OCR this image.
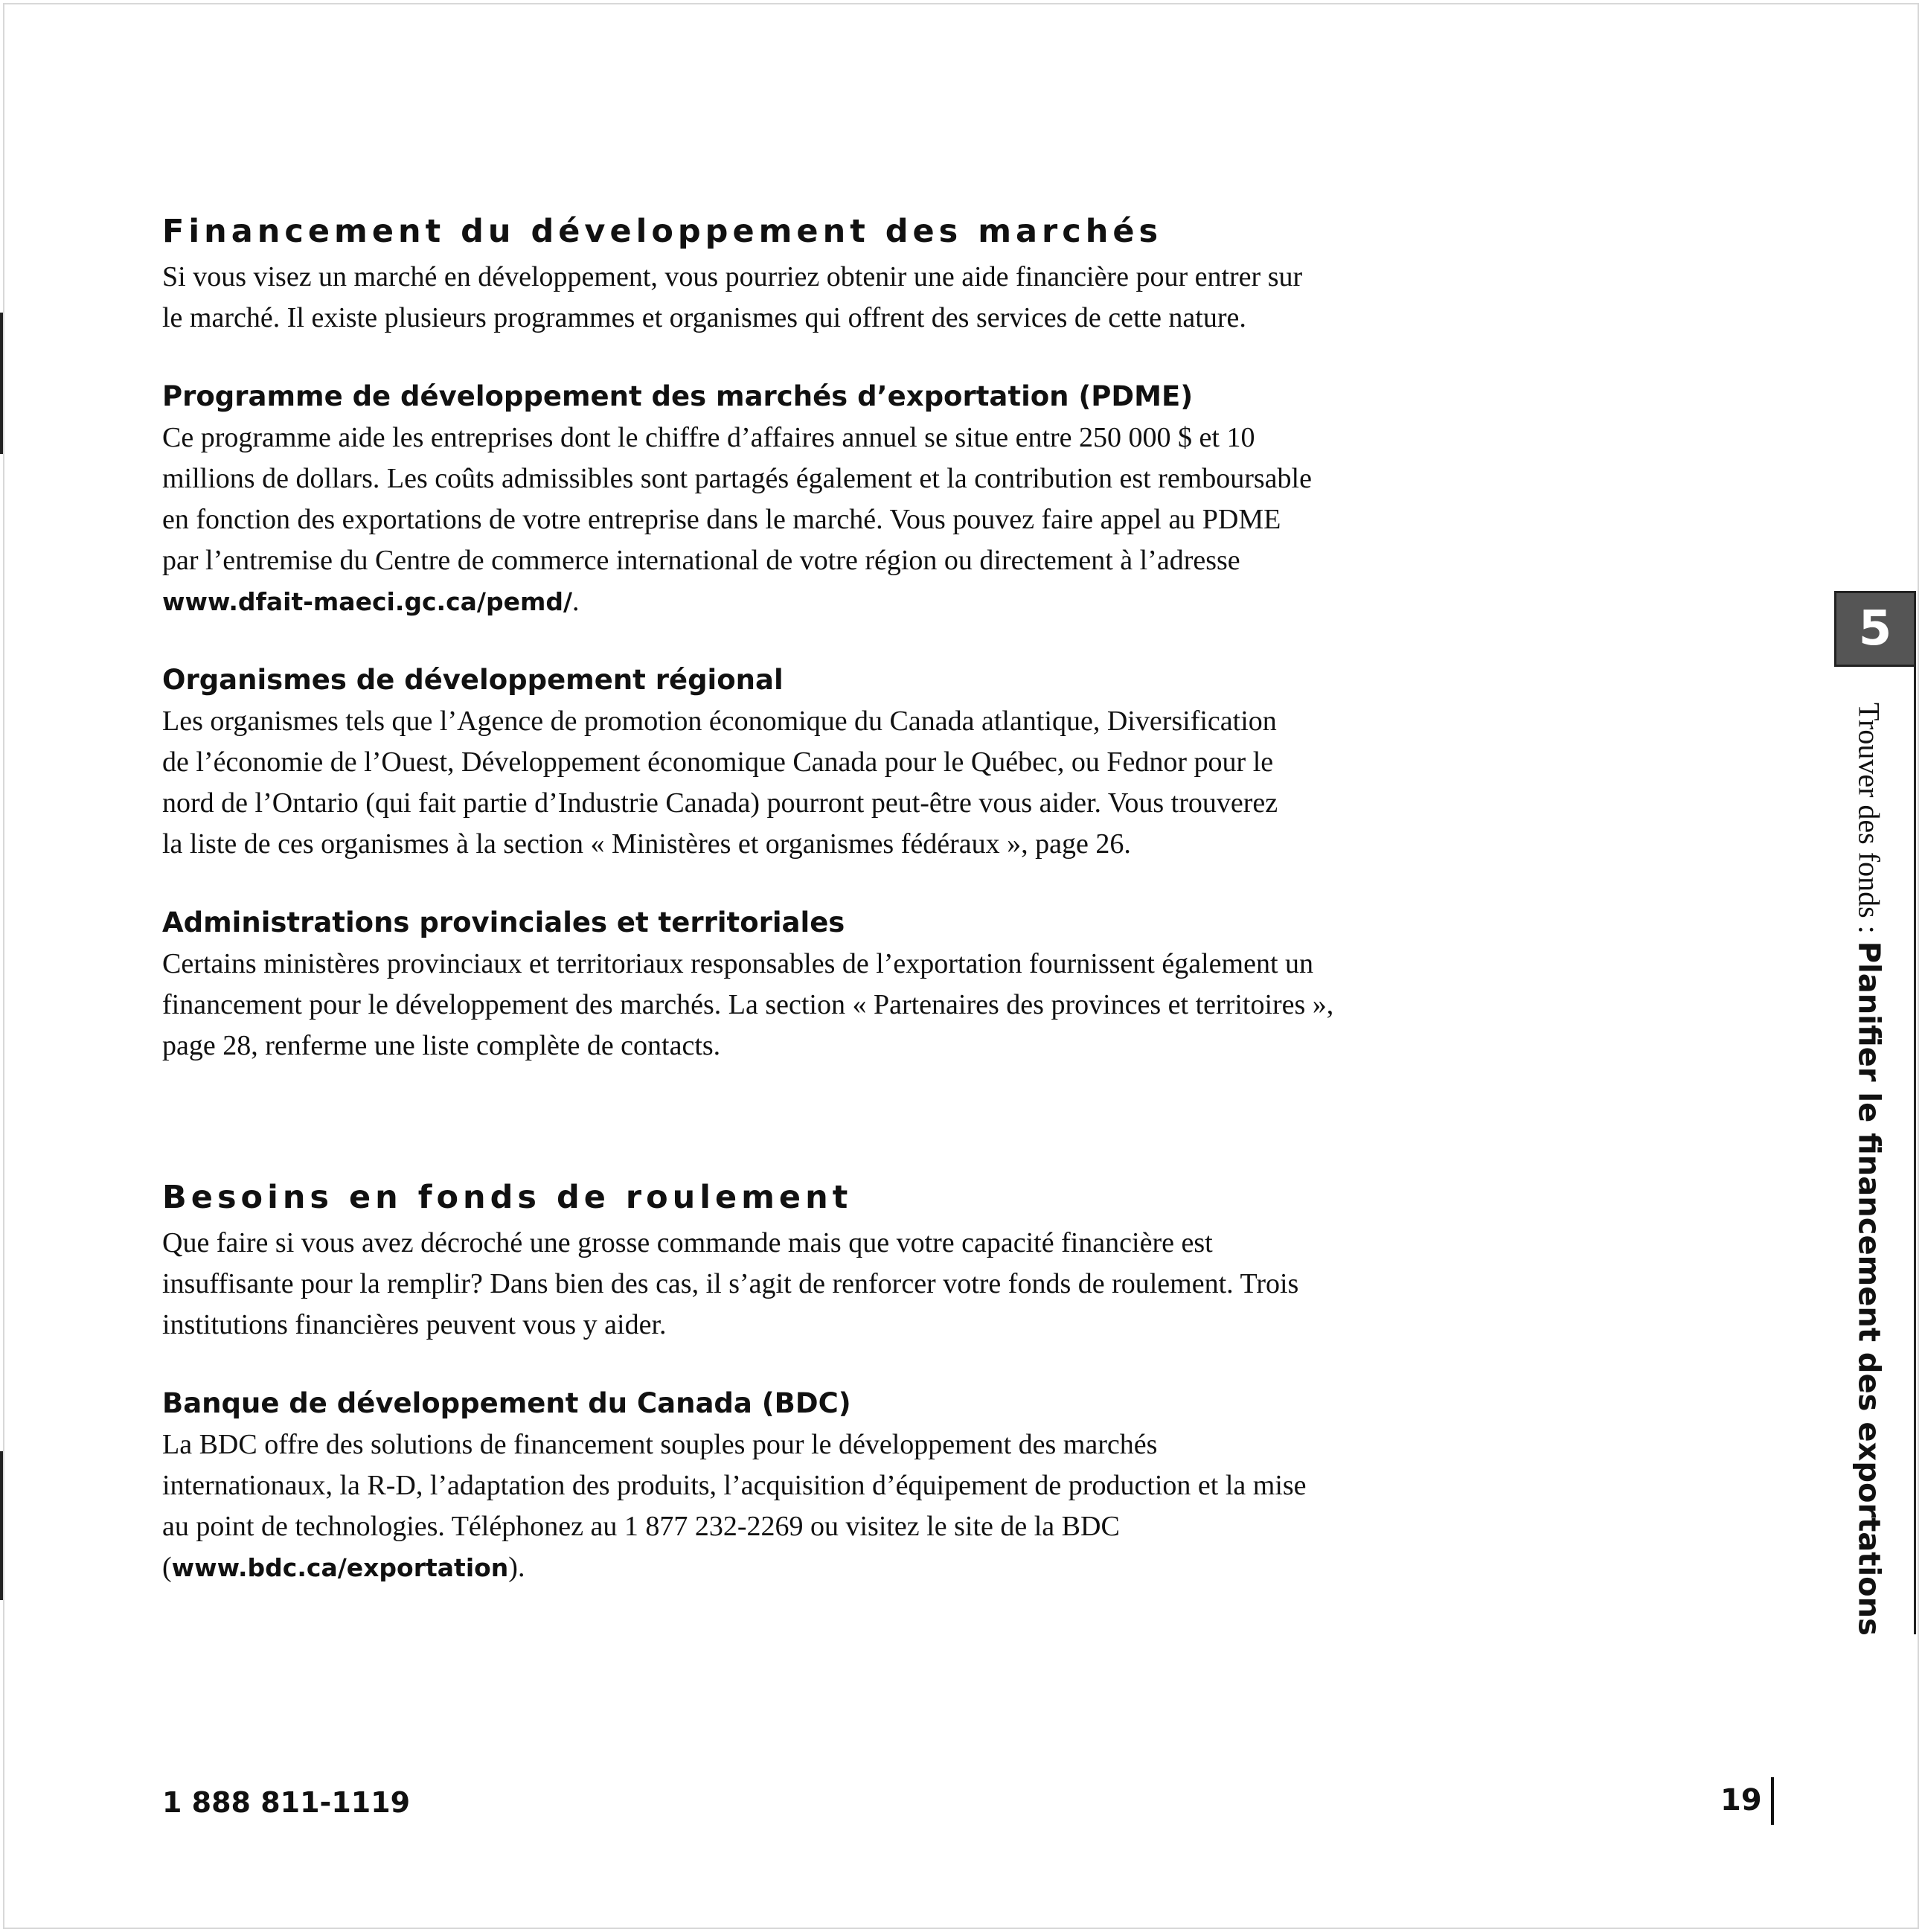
Financement du développement des marchés

Si vous visez un marché en développement, vous pourriez obtenir une aide financière pour entrer sur le marché. Il existe plusieurs programmes et organismes qui offrent des services de cette nature.

Programme de développement des marchés d’exportation (PDME)

Ce programme aide les entreprises dont le chiffre d’affaires annuel se situe entre 250 000 $ et 10 millions de dollars. Les coûts admissibles sont partagés également et la contribution est remboursable en fonction des exportations de votre entreprise dans le marché. Vous pouvez faire appel au PDME par l’entremise du Centre de commerce international de votre région ou directement à l’adresse www.dfait-maeci.gc.ca/pemd/.

Organismes de développement régional

Les organismes tels que l’Agence de promotion économique du Canada atlantique, Diversification de l’économie de l’Ouest, Développement économique Canada pour le Québec, ou Fednor pour le nord de l’Ontario (qui fait partie d’Industrie Canada) pourront peut-être vous aider. Vous trouverez la liste de ces organismes à la section « Ministères et organismes fédéraux », page 26.

Administrations provinciales et territoriales

Certains ministères provinciaux et territoriaux responsables de l’exportation fournissent également un financement pour le développement des marchés. La section « Partenaires des provinces et territoires », page 28, renferme une liste complète de contacts.

Besoins en fonds de roulement

Que faire si vous avez décroché une grosse commande mais que votre capacité financière est insuffisante pour la remplir? Dans bien des cas, il s’agit de renforcer votre fonds de roulement. Trois institutions financières peuvent vous y aider.

Banque de développement du Canada (BDC)

La BDC offre des solutions de financement souples pour le développement des marchés internationaux, la R-D, l’adaptation des produits, l’acquisition d’équipement de production et la mise au point de technologies. Téléphonez au 1 877 232-2269 ou visitez le site de la BDC (www.bdc.ca/exportation).

1 888 811-1119	19
5
Trouver des fonds : Planifier le financement des exportations
